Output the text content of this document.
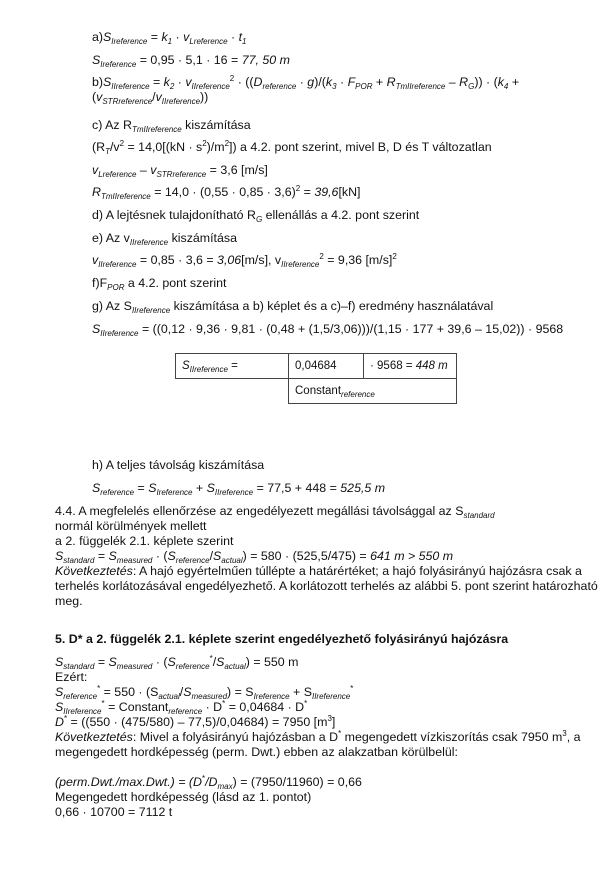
$a)S_{Ireference} = k_1 \cdot v_{Lreference} \cdot t_1$
$S_{Ireference} = 0,95 \cdot 5,1 \cdot 16 = 77$, 50 m
$b)S_{IIreference} = k_2 \cdot v_{IIreference}^2 \cdot ((D_{reference} \cdot g)/(k_3 \cdot F_{POR} + R_{TmIIreference} - R_G)) \cdot (k_4 + (v_{STRreference}/v_{IIreference}))$
c) Az $R_{TmIIreference}$ kiszámítása
$(R_T/v^2 = 14,0[(kN \cdot s^2)/m^2])$ a 4.2. pont szerint, mivel B, D és T változatlan
$v_{Lreference} - v_{STRreference} = 3,6$ [m/s]
$R_{TmIIreference} = 14,0 \cdot (0,55 \cdot 0,85 \cdot 3,6)^2 = 39,6[kN]$
d) A lejtésnek tulajdonítható $R_G$ ellenállás a 4.2. pont szerint
e) Az $v_{IIreference}$ kiszámítása
$v_{IIreference} = 0,85 \cdot 3,6 = 3,06[m/s]$, $v_{IIreference}^2 = 9,36$ $[m/s]^2$
$f)F_{POR}$ a 4.2. pont szerint
g) Az $S_{IIreference}$ kiszámítása a b) képlet és a c)–f) eredmény használatával
$S_{IIreference} = ((0,12 \cdot 9,36 \cdot 9,81 \cdot (0,48 + (1,5/3,06)))/(1,15 \cdot 177 + 39,6 - 15,02)) \cdot 9568$
$S_{IIreference}$ =	0,04684	· 9568 = 448 m
	Constant$_{reference}$
h) A teljes távolság kiszámítása
$S_{reference} = S_{Ireference} + S_{IIreference} = 77,5 + 448 = 525,5$ m
4.4. A megfelelés ellenőrzése az engedélyezett megállási távolsággal az $S_{standard}$
normál körülmények mellett
a 2. függelék 2.1. képlete szerint
$S_{standard} = S_{measured} \cdot (S_{reference}/S_{actual}) = 580 \cdot (525,5/475) = 641$ m > 550 m
Következtetés: A hajó egyértelműen túllépte a határértéket; a hajó folyásirányú hajózásra csak a terhelés korlátozásával engedélyezhető. A korlátozott terhelés az alábbi 5. pont szerint határozható meg.
5. D* a 2. függelék 2.1. képlete szerint engedélyezhető folyásirányú hajózásra
$S_{standard} = S_{measured} \cdot (S_{reference}^*/S_{actual}) = 550$ m
Ezért:
$S_{reference}^* = 550 \cdot (S_{actual}/S_{measured}) = S_{Ireference} + S_{IIreference}^*$
$S_{IIreference}^*$ = Constant$_{reference}$ · D* = 0,04684 · D*
D* = ((550 · (475/580) – 77,5)/0,04684) = 7950 $[m^3]$
Következtetés: Mivel a folyásirányú hajózásban a D* megengedett vízkiszorítás csak 7950 $m^3$, a megengedett hordképesség (perm. Dwt.) ebben az alakzatban körülbelül:
(perm.Dwt./max.Dwt.) = $(D^*/D_{max}) = (7950/11960) = 0,66$
Megengedett hordképesség (lásd az 1. pontot)
0,66 · 10700 = 7112 t
